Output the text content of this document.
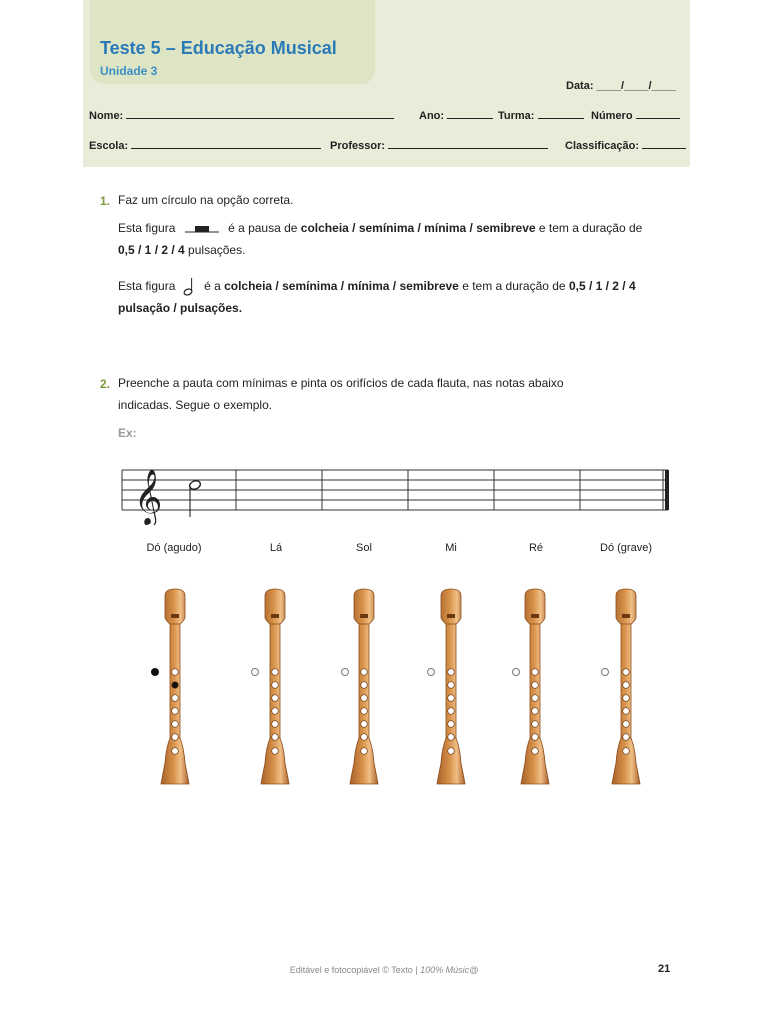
Teste 5 – Educação Musical
Unidade 3
Data: ____/____/____
Nome:	Ano:	Turma:	Número
Escola:	Professor:	Classificação:
1. Faz um círculo na opção correta.
Esta figura	é a pausa de colcheia / semínima / mínima / semibreve e tem a duração de
0,5 / 1 / 2 / 4 pulsações.
Esta figura é a colcheia / semínima / mínima / semibreve e tem a duração de 0,5 / 1 / 2 / 4
pulsação / pulsações.
2. Preenche a pauta com mínimas e pinta os orifícios de cada flauta, nas notas abaixo
indicadas. Segue o exemplo.
Ex:
𝄞
Dó (agudo)	Lá	Sol	Mi	Ré	Dó (grave)
Editável e fotocopiável © Texto | 100% Músic@	21
